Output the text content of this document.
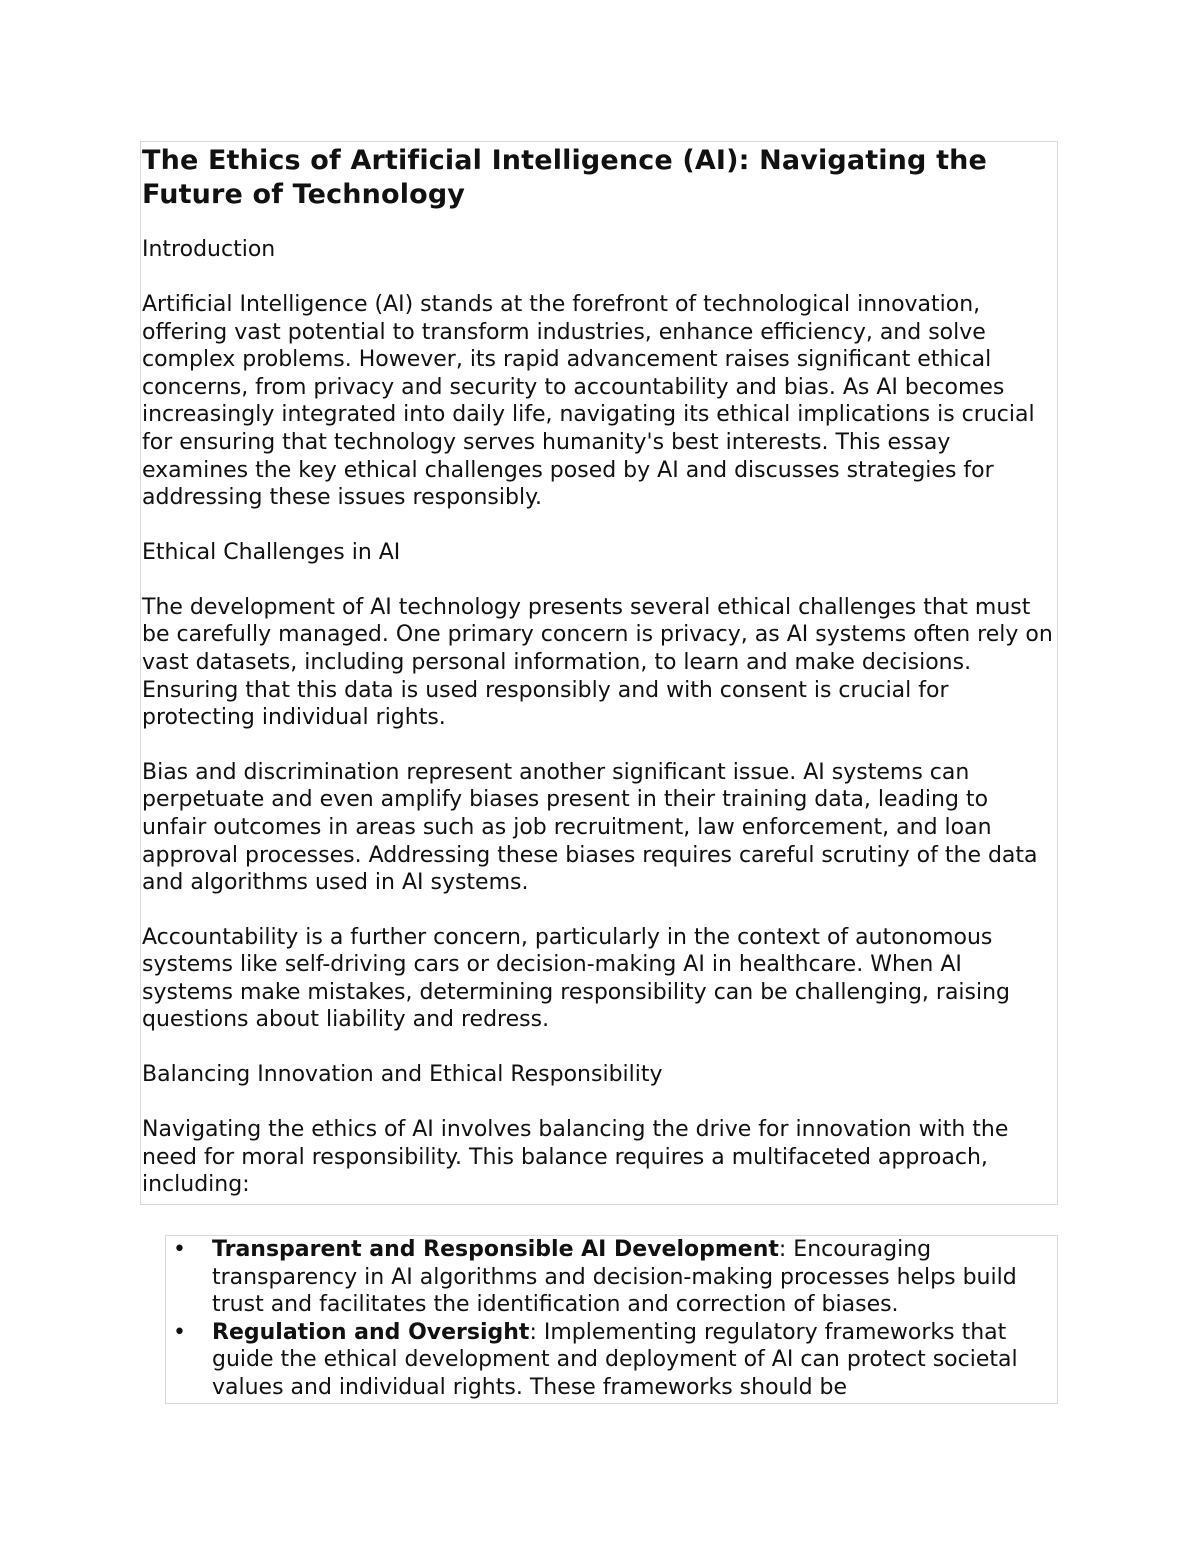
The Ethics of Artificial Intelligence (AI): Navigating the Future of Technology

Introduction

Artificial Intelligence (AI) stands at the forefront of technological innovation, offering vast potential to transform industries, enhance efficiency, and solve complex problems. However, its rapid advancement raises significant ethical concerns, from privacy and security to accountability and bias. As AI becomes increasingly integrated into daily life, navigating its ethical implications is crucial for ensuring that technology serves humanity's best interests. This essay examines the key ethical challenges posed by AI and discusses strategies for addressing these issues responsibly.

Ethical Challenges in AI

The development of AI technology presents several ethical challenges that must be carefully managed. One primary concern is privacy, as AI systems often rely on vast datasets, including personal information, to learn and make decisions. Ensuring that this data is used responsibly and with consent is crucial for protecting individual rights.

Bias and discrimination represent another significant issue. AI systems can perpetuate and even amplify biases present in their training data, leading to unfair outcomes in areas such as job recruitment, law enforcement, and loan approval processes. Addressing these biases requires careful scrutiny of the data and algorithms used in AI systems.

Accountability is a further concern, particularly in the context of autonomous systems like self-driving cars or decision-making AI in healthcare. When AI systems make mistakes, determining responsibility can be challenging, raising questions about liability and redress.

Balancing Innovation and Ethical Responsibility

Navigating the ethics of AI involves balancing the drive for innovation with the need for moral responsibility. This balance requires a multifaceted approach, including:

• Transparent and Responsible AI Development: Encouraging transparency in AI algorithms and decision-making processes helps build trust and facilitates the identification and correction of biases.
• Regulation and Oversight: Implementing regulatory frameworks that guide the ethical development and deployment of AI can protect societal values and individual rights. These frameworks should be
